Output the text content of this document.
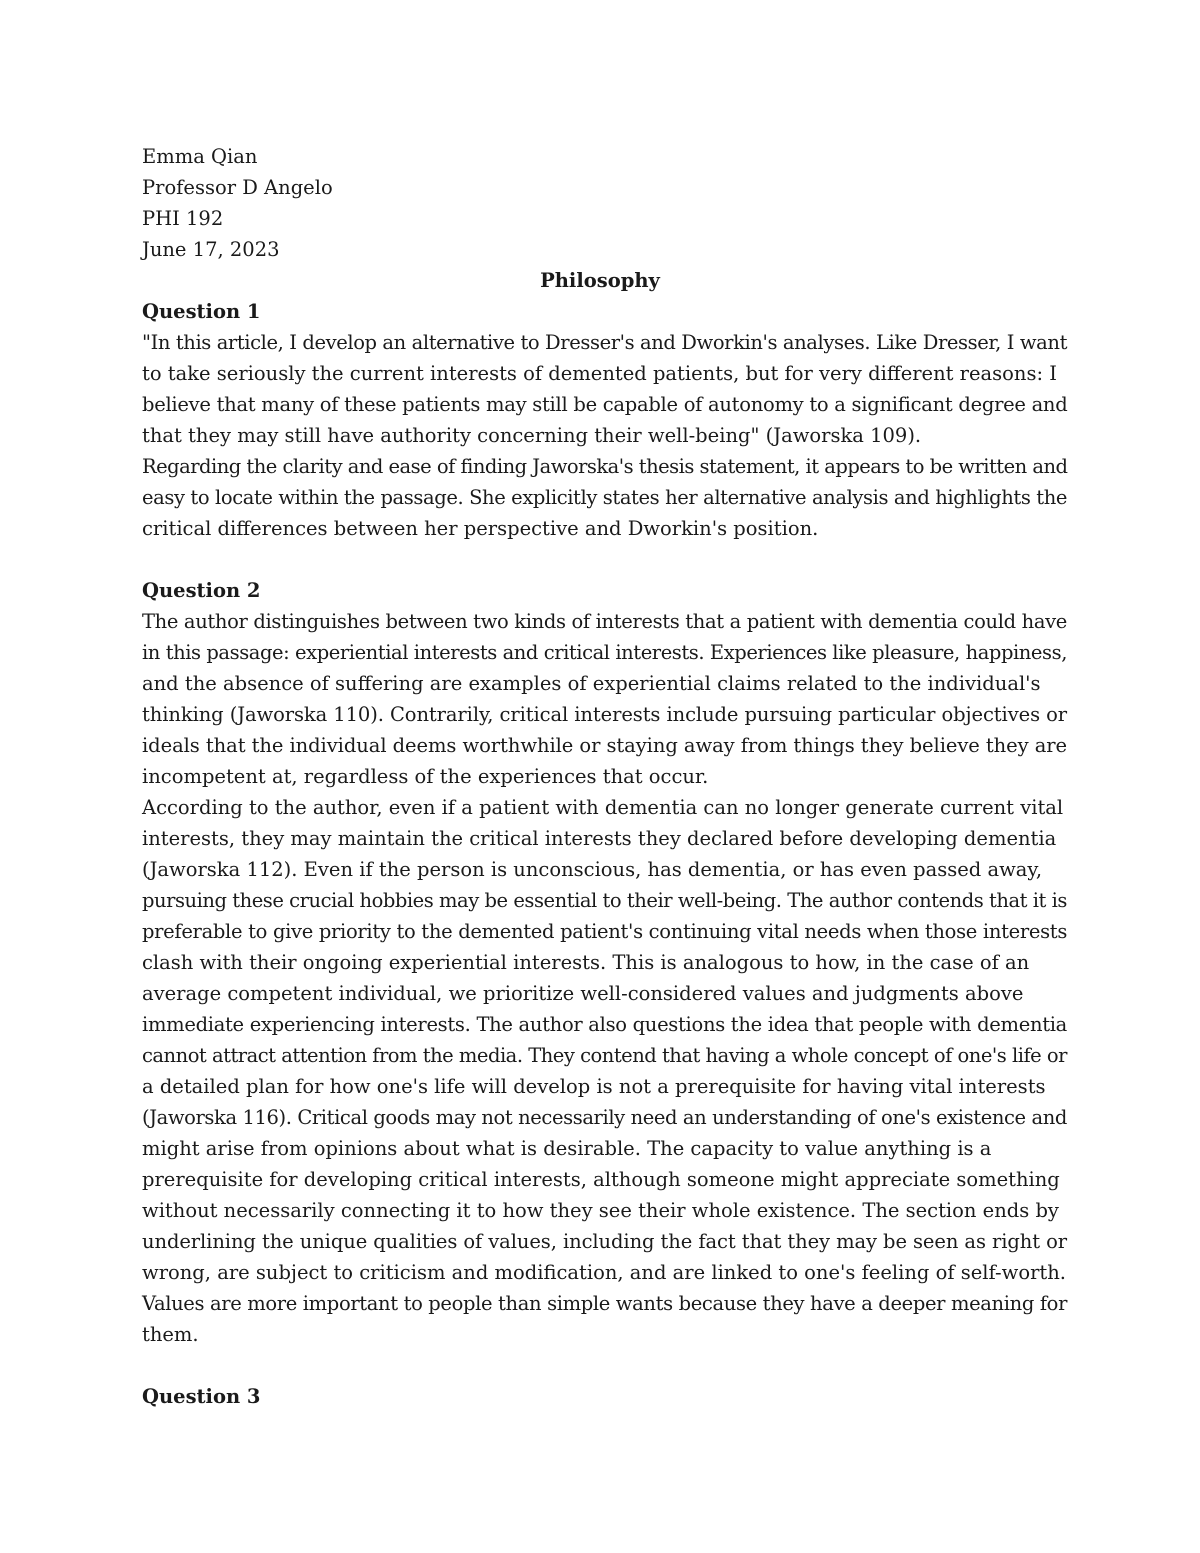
Emma Qian
Professor D Angelo
PHI 192
June 17, 2023
Philosophy
Question 1
"In this article, I develop an alternative to Dresser's and Dworkin's analyses. Like Dresser, I want
to take seriously the current interests of demented patients, but for very different reasons: I
believe that many of these patients may still be capable of autonomy to a significant degree and
that they may still have authority concerning their well-being" (Jaworska 109).
Regarding the clarity and ease of finding Jaworska's thesis statement, it appears to be written and
easy to locate within the passage. She explicitly states her alternative analysis and highlights the
critical differences between her perspective and Dworkin's position.
Question 2
The author distinguishes between two kinds of interests that a patient with dementia could have
in this passage: experiential interests and critical interests. Experiences like pleasure, happiness,
and the absence of suffering are examples of experiential claims related to the individual's
thinking (Jaworska 110). Contrarily, critical interests include pursuing particular objectives or
ideals that the individual deems worthwhile or staying away from things they believe they are
incompetent at, regardless of the experiences that occur.
According to the author, even if a patient with dementia can no longer generate current vital
interests, they may maintain the critical interests they declared before developing dementia
(Jaworska 112). Even if the person is unconscious, has dementia, or has even passed away,
pursuing these crucial hobbies may be essential to their well-being. The author contends that it is
preferable to give priority to the demented patient's continuing vital needs when those interests
clash with their ongoing experiential interests. This is analogous to how, in the case of an
average competent individual, we prioritize well-considered values and judgments above
immediate experiencing interests. The author also questions the idea that people with dementia
cannot attract attention from the media. They contend that having a whole concept of one's life or
a detailed plan for how one's life will develop is not a prerequisite for having vital interests
(Jaworska 116). Critical goods may not necessarily need an understanding of one's existence and
might arise from opinions about what is desirable. The capacity to value anything is a
prerequisite for developing critical interests, although someone might appreciate something
without necessarily connecting it to how they see their whole existence. The section ends by
underlining the unique qualities of values, including the fact that they may be seen as right or
wrong, are subject to criticism and modification, and are linked to one's feeling of self-worth.
Values are more important to people than simple wants because they have a deeper meaning for
them.
Question 3
